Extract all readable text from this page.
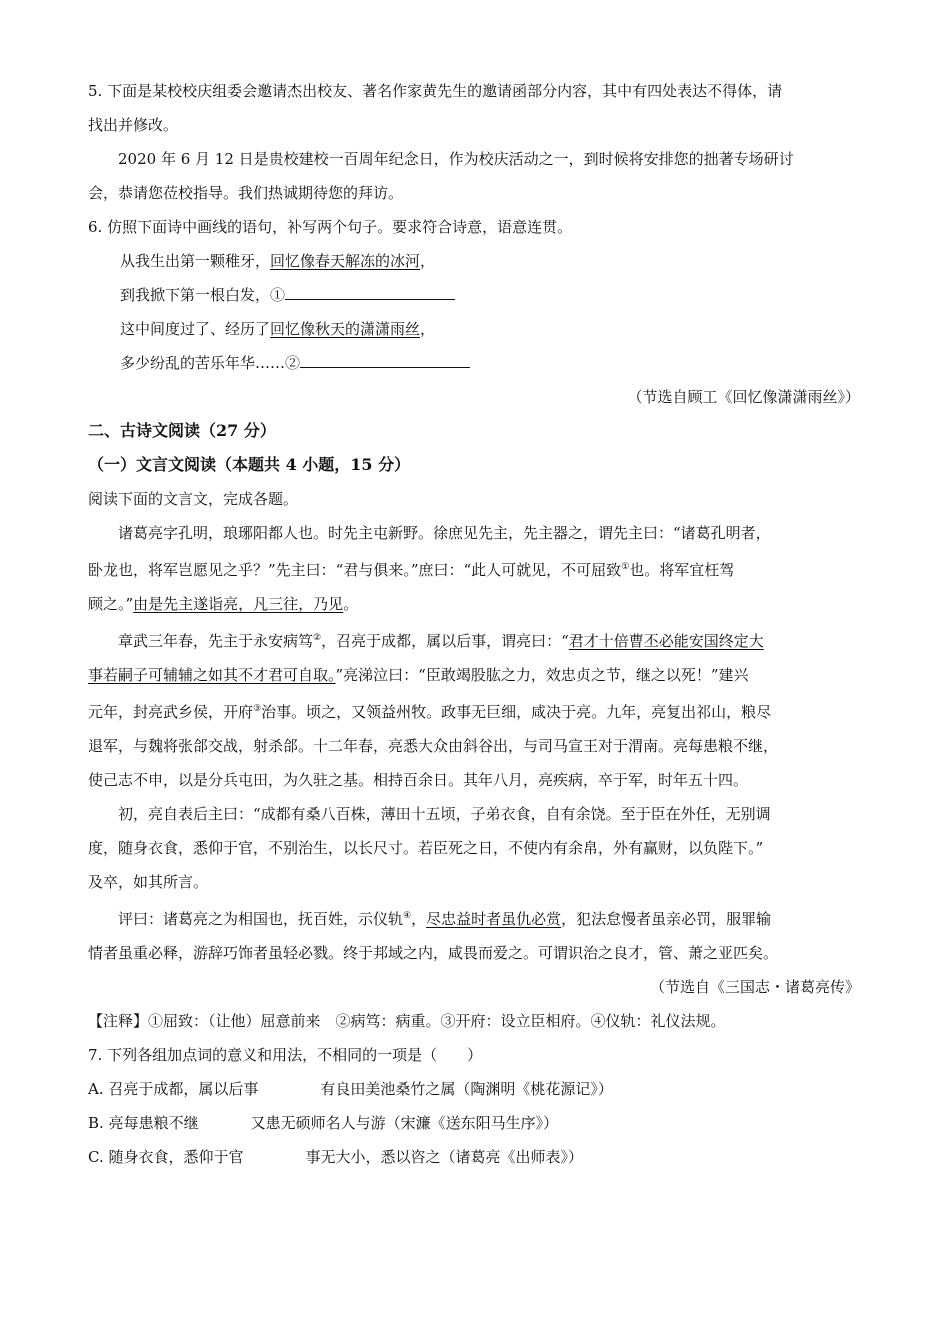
5. 下面是某校校庆组委会邀请杰出校友、著名作家黄先生的邀请函部分内容，其中有四处表达不得体，请

找出并修改。

2020 年 6 月 12 日是贵校建校一百周年纪念日，作为校庆活动之一，到时候将安排您的拙著专场研讨

会，恭请您莅校指导。我们热诚期待您的拜访。

6. 仿照下面诗中画线的语句，补写两个句子。要求符合诗意，语意连贯。

从我生出第一颗稚牙，回忆像春天解冻的冰河，

到我掀下第一根白发，①

这中间度过了、经历了回忆像秋天的潇潇雨丝，

多少纷乱的苦乐年华……②

（节选自顾工《回忆像潇潇雨丝》）

二、古诗文阅读（27 分）

（一）文言文阅读（本题共 4 小题，15 分）

阅读下面的文言文，完成各题。

诸葛亮字孔明，琅琊阳都人也。时先主屯新野。徐庶见先主，先主器之，谓先主曰：“诸葛孔明者，

卧龙也，将军岂愿见之乎？”先主曰：“君与俱来。”庶曰：“此人可就见，不可屈致①也。将军宜枉驾

顾之。”由是先主遂诣亮，凡三往，乃见。

章武三年春，先主于永安病笃②，召亮于成都，属以后事，谓亮曰：“君才十倍曹丕必能安国终定大

事若嗣子可辅辅之如其不才君可自取。”亮涕泣曰：“臣敢竭股肱之力，效忠贞之节，继之以死！”建兴

元年，封亮武乡侯，开府③治事。顷之，又领益州牧。政事无巨细，咸决于亮。九年，亮复出祁山，粮尽

退军，与魏将张郃交战，射杀郃。十二年春，亮悉大众由斜谷出，与司马宣王对于渭南。亮每患粮不继，

使己志不申，以是分兵屯田，为久驻之基。相持百余日。其年八月，亮疾病，卒于军，时年五十四。

初，亮自表后主曰：“成都有桑八百株，薄田十五顷，子弟衣食，自有余饶。至于臣在外任，无别调

度，随身衣食，悉仰于官，不别治生，以长尺寸。若臣死之日，不使内有余帛，外有赢财，以负陛下。”

及卒，如其所言。

评曰：诸葛亮之为相国也，抚百姓，示仪轨④，尽忠益时者虽仇必赏，犯法怠慢者虽亲必罚，服罪输

情者虽重必释，游辞巧饰者虽轻必戮。终于邦域之内，咸畏而爱之。可谓识治之良才，管、萧之亚匹矣。

（节选自《三国志・诸葛亮传》

【注释】①屈致：（让他）屈意前来　②病笃：病重。③开府：设立臣相府。④仪轨：礼仪法规。

7. 下列各组加点词的意义和用法，不相同的一项是（　　）

A. 召亮于成都，属以后事	有良田美池桑竹之属（陶渊明《桃花源记》）

B. 亮每患粮不继	又患无硕师名人与游（宋濂《送东阳马生序》）

C. 随身衣食，悉仰于官	事无大小，悉以咨之（诸葛亮《出师表》）
